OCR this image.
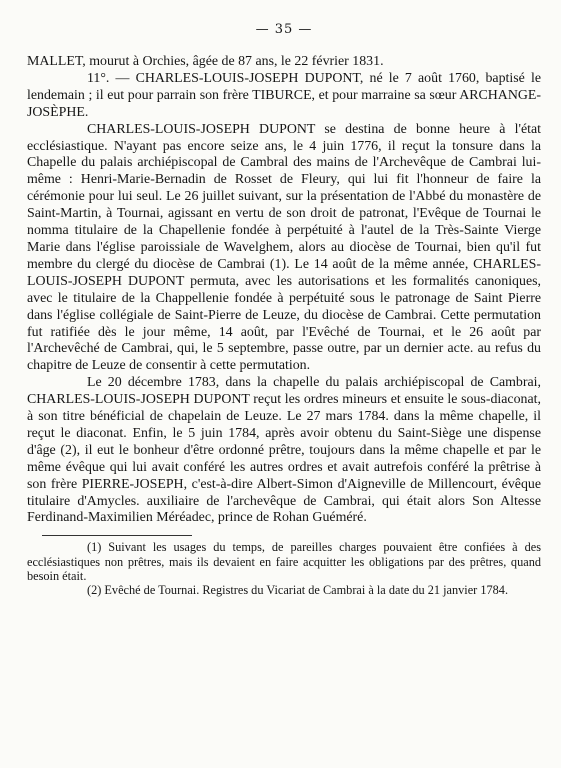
— 35 —

MALLET, mourut à Orchies, âgée de 87 ans, le 22 février 1831.

11°. — CHARLES-LOUIS-JOSEPH DUPONT, né le 7 août 1760, baptisé le lendemain ; il eut pour parrain son frère TIBURCE, et pour marraine sa sœur ARCHANGE-JOSÈPHE.

CHARLES-LOUIS-JOSEPH DUPONT se destina de bonne heure à l'état ecclésiastique. N'ayant pas encore seize ans, le 4 juin 1776, il reçut la tonsure dans la Chapelle du palais archiépiscopal de Cambral des mains de l'Archevêque de Cambrai lui-même : Henri-Marie-Bernadin de Rosset de Fleury, qui lui fit l'honneur de faire la cérémonie pour lui seul. Le 26 juillet suivant, sur la présentation de l'Abbé du monastère de Saint-Martin, à Tournai, agissant en vertu de son droit de patronat, l'Evêque de Tournai le nomma titulaire de la Chapellenie fondée à perpétuité à l'autel de la Très-Sainte Vierge Marie dans l'église paroissiale de Wavelghem, alors au diocèse de Tournai, bien qu'il fut membre du clergé du diocèse de Cambrai (1). Le 14 août de la même année, CHARLES-LOUIS-JOSEPH DUPONT permuta, avec les autorisations et les formalités canoniques, avec le titulaire de la Chappellenie fondée à perpétuité sous le patronage de Saint Pierre dans l'église collégiale de Saint-Pierre de Leuze, du diocèse de Cambrai. Cette permutation fut ratifiée dès le jour même, 14 août, par l'Evêché de Tournai, et le 26 août par l'Archevêché de Cambrai, qui, le 5 septembre, passe outre, par un dernier acte. au refus du chapitre de Leuze de consentir à cette permutation.

Le 20 décembre 1783, dans la chapelle du palais archiépiscopal de Cambrai, CHARLES-LOUIS-JOSEPH DUPONT reçut les ordres mineurs et ensuite le sous-diaconat, à son titre bénéficial de chapelain de Leuze. Le 27 mars 1784. dans la même chapelle, il reçut le diaconat. Enfin, le 5 juin 1784, après avoir obtenu du Saint-Siège une dispense d'âge (2), il eut le bonheur d'être ordonné prêtre, toujours dans la même chapelle et par le même évêque qui lui avait conféré les autres ordres et avait autrefois conféré la prêtrise à son frère PIERRE-JOSEPH, c'est-à-dire Albert-Simon d'Aigneville de Millencourt, évêque titulaire d'Amycles. auxiliaire de l'archevêque de Cambrai, qui était alors Son Altesse Ferdinand-Maximilien Méréadec, prince de Rohan Guéméré.

(1) Suivant les usages du temps, de pareilles charges pouvaient être confiées à des ecclésiastiques non prêtres, mais ils devaient en faire acquitter les obligations par des prêtres, quand besoin était.

(2) Evêché de Tournai. Registres du Vicariat de Cambrai à la date du 21 janvier 1784.
